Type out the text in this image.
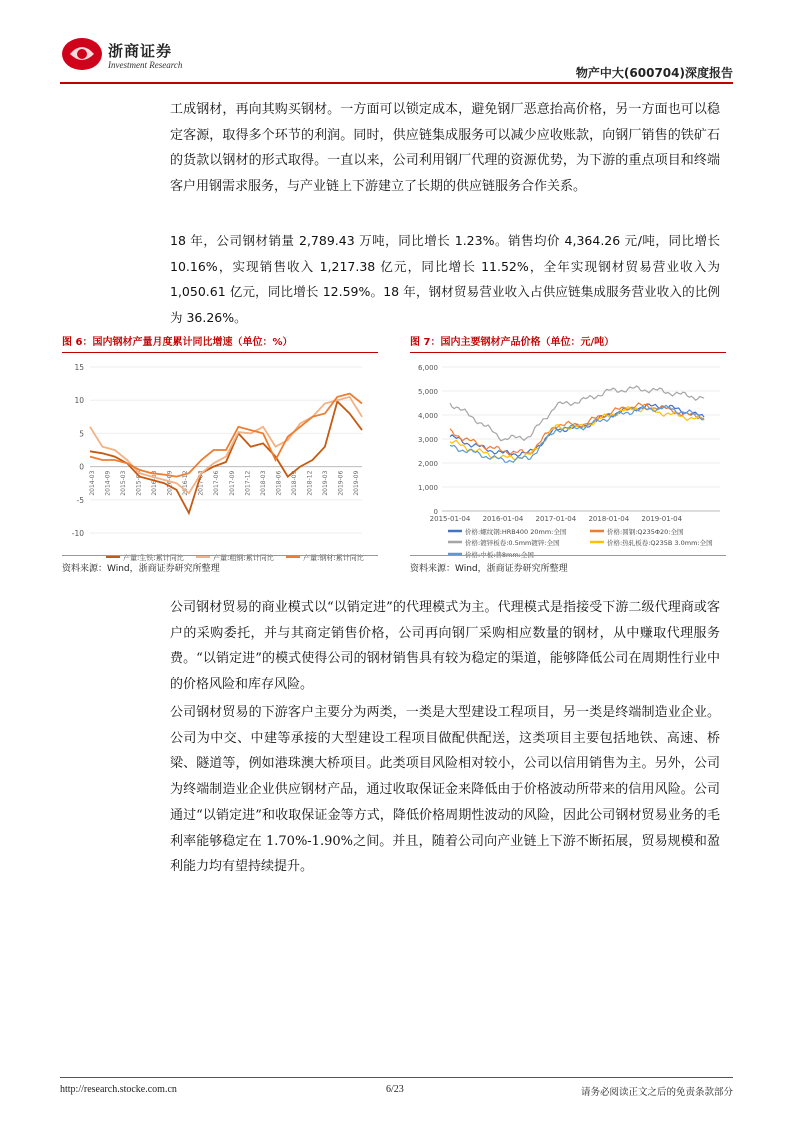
浙商证券
Investment Research
物产中大(600704)深度报告

工成钢材，再向其购买钢材。一方面可以锁定成本，避免钢厂恶意抬高价格，另一方面也可以稳定客源，取得多个环节的利润。同时，供应链集成服务可以减少应收账款，向钢厂销售的铁矿石的货款以钢材的形式取得。一直以来，公司利用钢厂代理的资源优势，为下游的重点项目和终端客户用钢需求服务，与产业链上下游建立了长期的供应链服务合作关系。

18 年，公司钢材销量 2,789.43 万吨，同比增长 1.23%。销售均价 4,364.26 元/吨，同比增长 10.16%，实现销售收入 1,217.38 亿元，同比增长 11.52%，全年实现钢材贸易营业收入为 1,050.61 亿元，同比增长 12.59%。18 年，钢材贸易营业收入占供应链集成服务营业收入的比例为 36.26%。

图 6：国内钢材产量月度累计同比增速（单位：%）
-10
-5
0
5
10
15
2014-03 2014-09 2015-03 2015-09 2016-03 2016-09 2016-12 2017-03 2017-06 2017-09 2017-12 2018-03 2018-06 2018-09 2018-12 2019-03 2019-06 2019-09
产量:生铁:累计同比	产量:粗钢:累计同比	产量:钢材:累计同比
资料来源：Wind，浙商证券研究所整理
图 7：国内主要钢材产品价格（单位：元/吨）
0
1,000
2,000
3,000
4,000
5,000
6,000
2015-01-04 2016-01-04 2017-01-04 2018-01-04 2019-01-04
价格:螺纹钢:HRB400 20mm:全国	价格:圆钢:Q235Φ20:全国
价格:镀锌板卷:0.5mm镀锌:全国	价格:热轧板卷:Q235B 3.0mm:全国
价格:中板:普8mm:全国
资料来源：Wind，浙商证券研究所整理

公司钢材贸易的商业模式以“以销定进”的代理模式为主。代理模式是指接受下游二级代理商或客户的采购委托，并与其商定销售价格，公司再向钢厂采购相应数量的钢材，从中赚取代理服务费。“以销定进”的模式使得公司的钢材销售具有较为稳定的渠道，能够降低公司在周期性行业中的价格风险和库存风险。

公司钢材贸易的下游客户主要分为两类，一类是大型建设工程项目，另一类是终端制造业企业。公司为中交、中建等承接的大型建设工程项目做配供配送，这类项目主要包括地铁、高速、桥梁、隧道等，例如港珠澳大桥项目。此类项目风险相对较小，公司以信用销售为主。另外，公司为终端制造业企业供应钢材产品，通过收取保证金来降低由于价格波动所带来的信用风险。公司通过“以销定进”和收取保证金等方式，降低价格周期性波动的风险，因此公司钢材贸易业务的毛利率能够稳定在 1.70%-1.90%之间。并且，随着公司向产业链上下游不断拓展，贸易规模和盈利能力均有望持续提升。

http://research.stocke.com.cn	6/23	请务必阅读正文之后的免责条款部分
